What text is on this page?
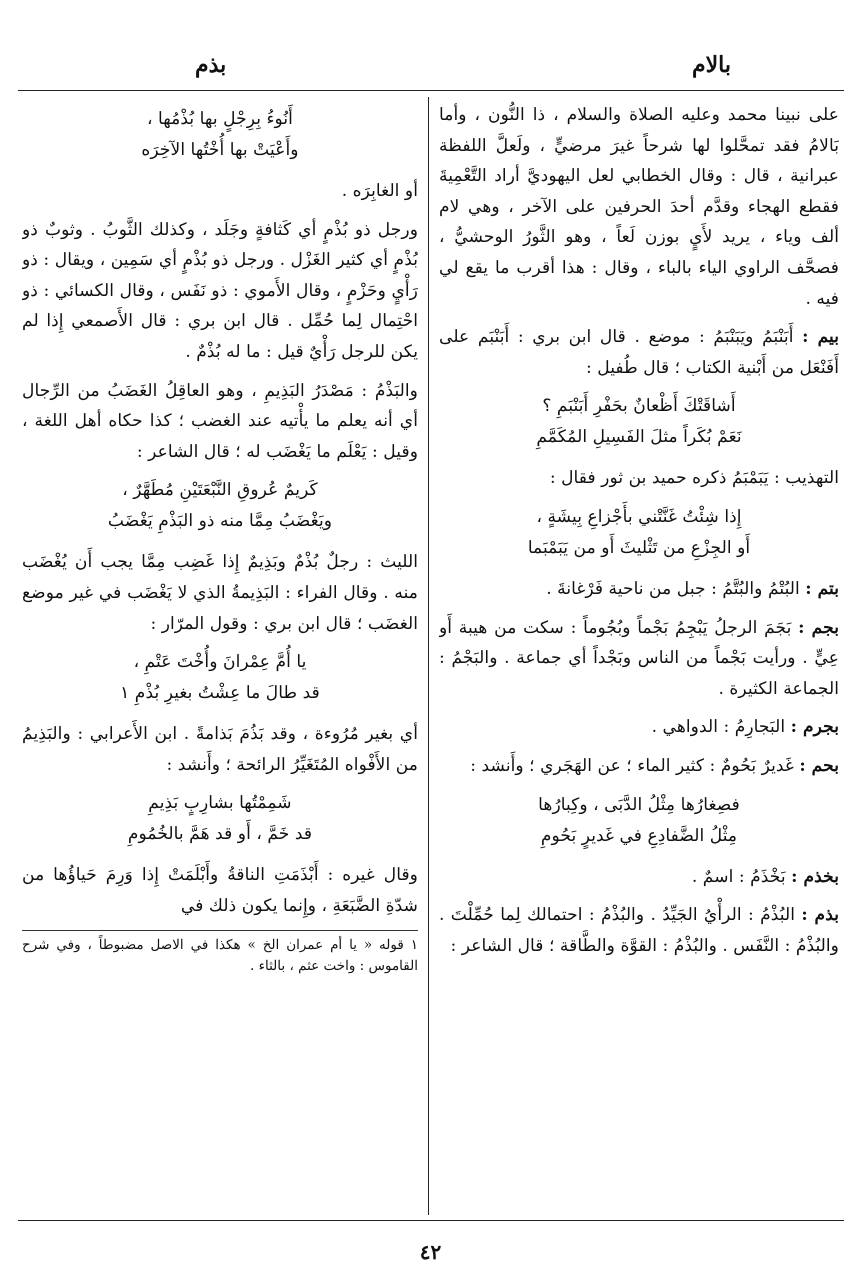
بالام
بذم

على نبينا محمد وعليه الصلاة والسلام ، ذا النُّون ، وأما بَالامُ فقد تمحَّلوا لها شرحاً غيرَ مرضيٍّ ، ولَعلَّ اللفظة عبرانية ، قال : وقال الخطابي لعل اليهوديَّ أراد التَّعْمِيةَ فقطع الهجاء وقدَّم أحدَ الحرفين على الآخر ، وهي لام ألف وياء ، يريد لأَيٍ بوزن لَعاً ، وهو الثَّورُ الوحشيُّ ، فصحَّف الراوي الياء بالباء ، وقال : هذا أقرب ما يقع لي فيه .

بيم : أَبَنْبَمُ ويَبَنْبَمُ : موضع . قال ابن بري : أَبَنْبَم على أَفَنْعَل من أَبْنية الكتاب ؛ قال طُفيل :

أَشاقَتْكَ أَظْعانٌ بحَفْرِ أَبَنْبَمِ ؟
نَعَمْ بُكَراً مثلَ الفَسِيلِ المُكَمَّمِ

التهذيب : يَبَمْبَمُ ذكره حميد بن ثور فقال :

إِذا شِئْتُ غَنَّتْني بأَجْزاعِ بِيشَةٍ ،
أَو الجِزْعِ من تَثْليثَ أَو من يَبَمْبَما

بتم : البُتْمُ والبُتَّمُ : جبل من ناحية فَرْغانةَ .

بجم : بَجَمَ الرجلُ يَبْجِمُ بَجْماً وبُجُوماً : سكت من هيبة أَو عِيٍّ . ورأيت بَجْماً من الناس وبَجْداً أي جماعة . والبَجْمُ : الجماعة الكثيرة .

بجرم : البَجارِمُ : الدواهي .

بحم : غَديرٌ بَحُومٌ : كثير الماء ؛ عن الهَجَري ؛ وأَنشد :

فصِغارُها مِثْلُ الدَّبَى ، وكِبارُها
مِثْلُ الضَّفادِعِ في غَديرٍ بَحُومِ

بخذم : بَخْذَمُ : اسمٌ .

بذم : البُذْمُ : الرأْيُ الجَيِّدُ . والبُذْمُ : احتمالك لِما حُمِّلْتَ . والبُذْمُ : النَّفَس . والبُذْمُ : القوَّة والطَّاقة ؛ قال الشاعر :

أَنُوءُ بِرِجْلٍ بها بُذْمُها ،
وأَعْيَتْ بها أُخْتُها الآخِرَه

أو الغابِرَه .

ورجل ذو بُذْمٍ أي كَثافةٍ وجَلَد ، وكذلك الثَّوبُ . وثوبٌ ذو بُذْمٍ أي كثير الغَزْل . ورجل ذو بُذْمٍ أي سَمِين ، ويقال : ذو رَأْيٍ وحَزْمٍ ، وقال الأَموي : ذو نَفَس ، وقال الكسائي : ذو احْتِمال لِما حُمِّل . قال ابن بري : قال الأَصمعي إِذا لم يكن للرجل رَأْيٌ قيل : ما له بُذْمٌ .

والبَذْمُ : مَصْدَرُ البَذِيمِ ، وهو العاقِلُ الغَضَبُ من الرِّجال أي أنه يعلم ما يأْتيه عند الغضب ؛ كذا حكاه أهل اللغة ، وقيل : يَعْلَم ما يَغْضَب له ؛ قال الشاعر :

كَريمٌ عُروقِ النَّبْعَتَيْنِ مُطَهَّرٌ ،
ويَغْضَبُ مِمَّا منه ذو البَذْمِ يَغْضَبُ

الليث : رجلٌ بُذْمٌ وبَذِيمٌ إِذا غَضِب مِمَّا يجب أَن يُغْضَب منه . وقال الفراء : البَذِيمةُ الذي لا يَغْضَب في غير موضع الغضَب ؛ قال ابن بري : وقول المرّار :

يا أُمَّ عِمْرانَ وأُخْتَ عَتْمِ ،
قد طالَ ما عِشْتُ بغيرِ بُذْمِ ١

أي بغير مُرُوءة ، وقد بَذُمَ بَذامةً . ابن الأَعرابي : والبَذِيمُ من الأَفْواه المُتَغَيِّرُ الرائحة ؛ وأَنشد :

شَمِمْتُها بشارِبٍ بَذِيمِ
قد خَمَّ ، أَو قد هَمَّ بالخُمُومِ

وقال غيره : أَبْذَمَتِ الناقةُ وأَبْلَمَتْ إِذا وَرِمَ حَياؤُها من شدّةِ الضَّبَعَةِ ، وإِنما يكون ذلك في

١ قوله « يا أم عمران الخ » هكذا في الاصل مضبوطاً ، وفي شرح القاموس : واخت عثم ، بالثاء .
٤٢
